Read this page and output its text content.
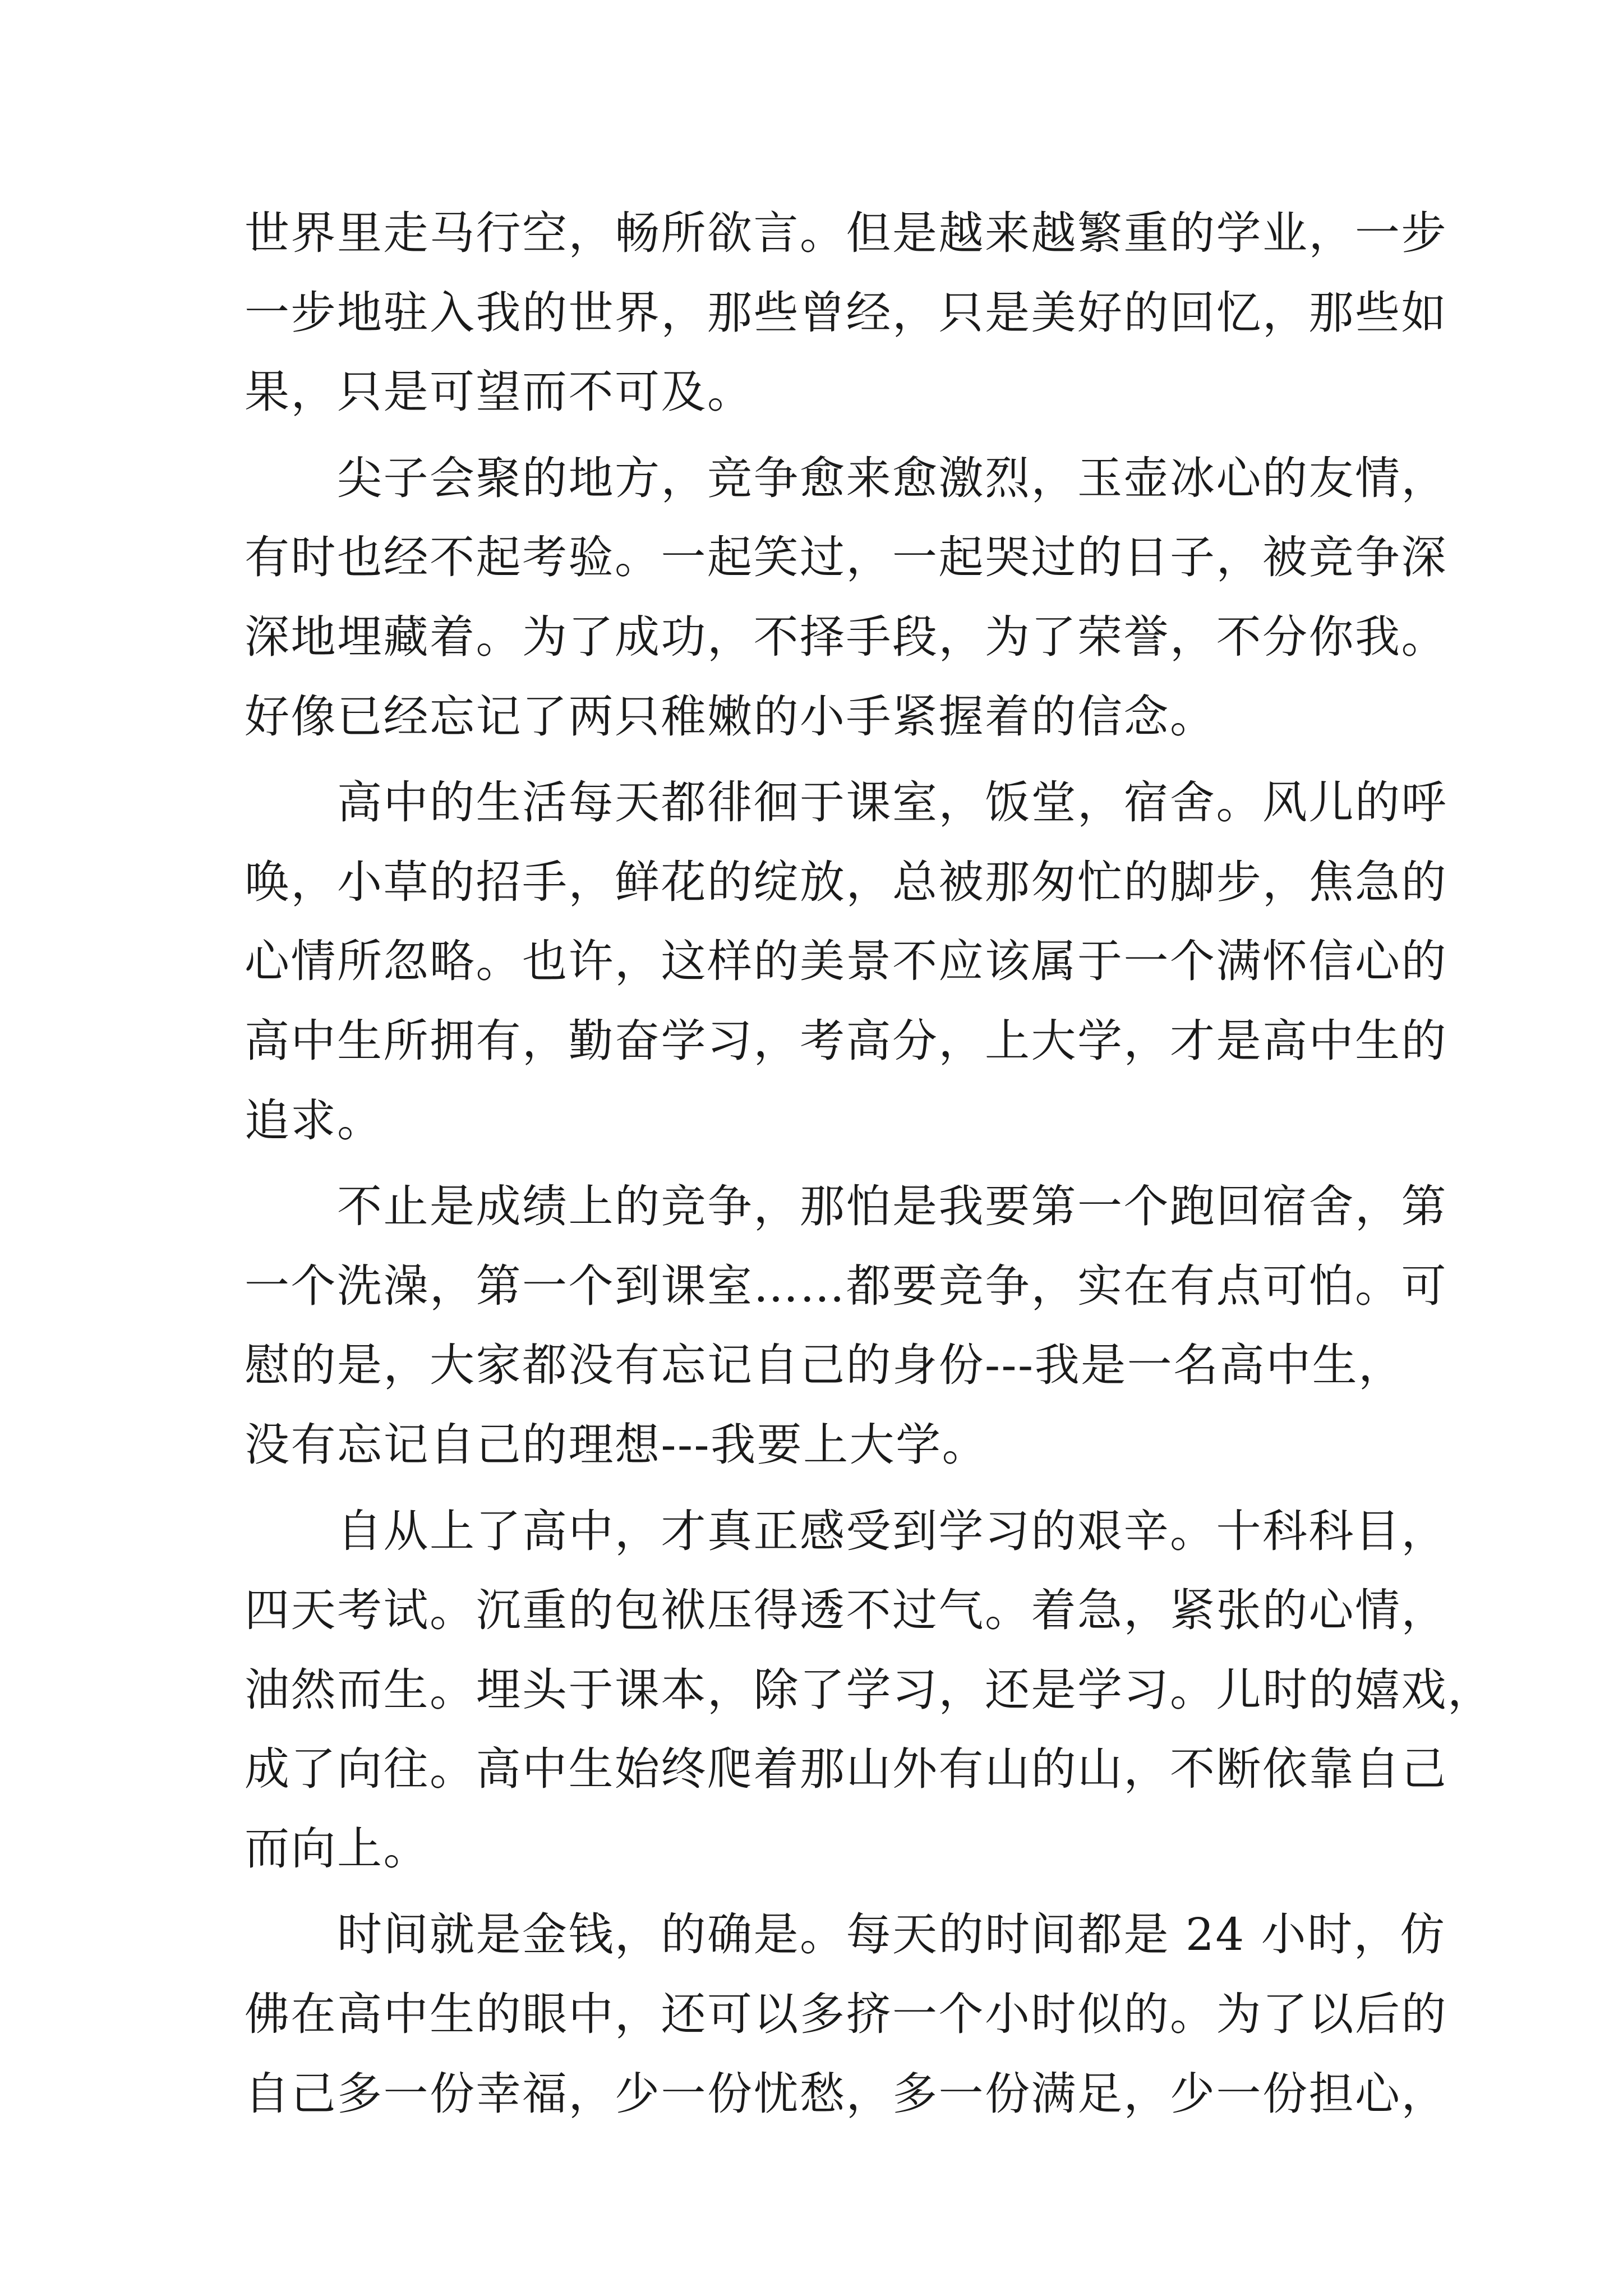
世界里走马行空，畅所欲言。但是越来越繁重的学业，一步
一步地驻入我的世界，那些曾经，只是美好的回忆，那些如
果，只是可望而不可及。
　　尖子会聚的地方，竞争愈来愈激烈，玉壶冰心的友情，
有时也经不起考验。一起笑过，一起哭过的日子，被竞争深
深地埋藏着。为了成功，不择手段，为了荣誉，不分你我。
好像已经忘记了两只稚嫩的小手紧握着的信念。
　　高中的生活每天都徘徊于课室，饭堂，宿舍。风儿的呼
唤，小草的招手，鲜花的绽放，总被那匆忙的脚步，焦急的
心情所忽略。也许，这样的美景不应该属于一个满怀信心的
高中生所拥有，勤奋学习，考高分，上大学，才是高中生的
追求。
　　不止是成绩上的竞争，那怕是我要第一个跑回宿舍，第
一个洗澡，第一个到课室……都要竞争，实在有点可怕。可
慰的是，大家都没有忘记自己的身份---我是一名高中生，
没有忘记自己的理想---我要上大学。
　　自从上了高中，才真正感受到学习的艰辛。十科科目，
四天考试。沉重的包袱压得透不过气。着急，紧张的心情，
油然而生。埋头于课本，除了学习，还是学习。儿时的嬉戏，
成了向往。高中生始终爬着那山外有山的山，不断依靠自己
而向上。
　　时间就是金钱，的确是。每天的时间都是 24 小时，仿
佛在高中生的眼中，还可以多挤一个小时似的。为了以后的
自己多一份幸福，少一份忧愁，多一份满足，少一份担心，
